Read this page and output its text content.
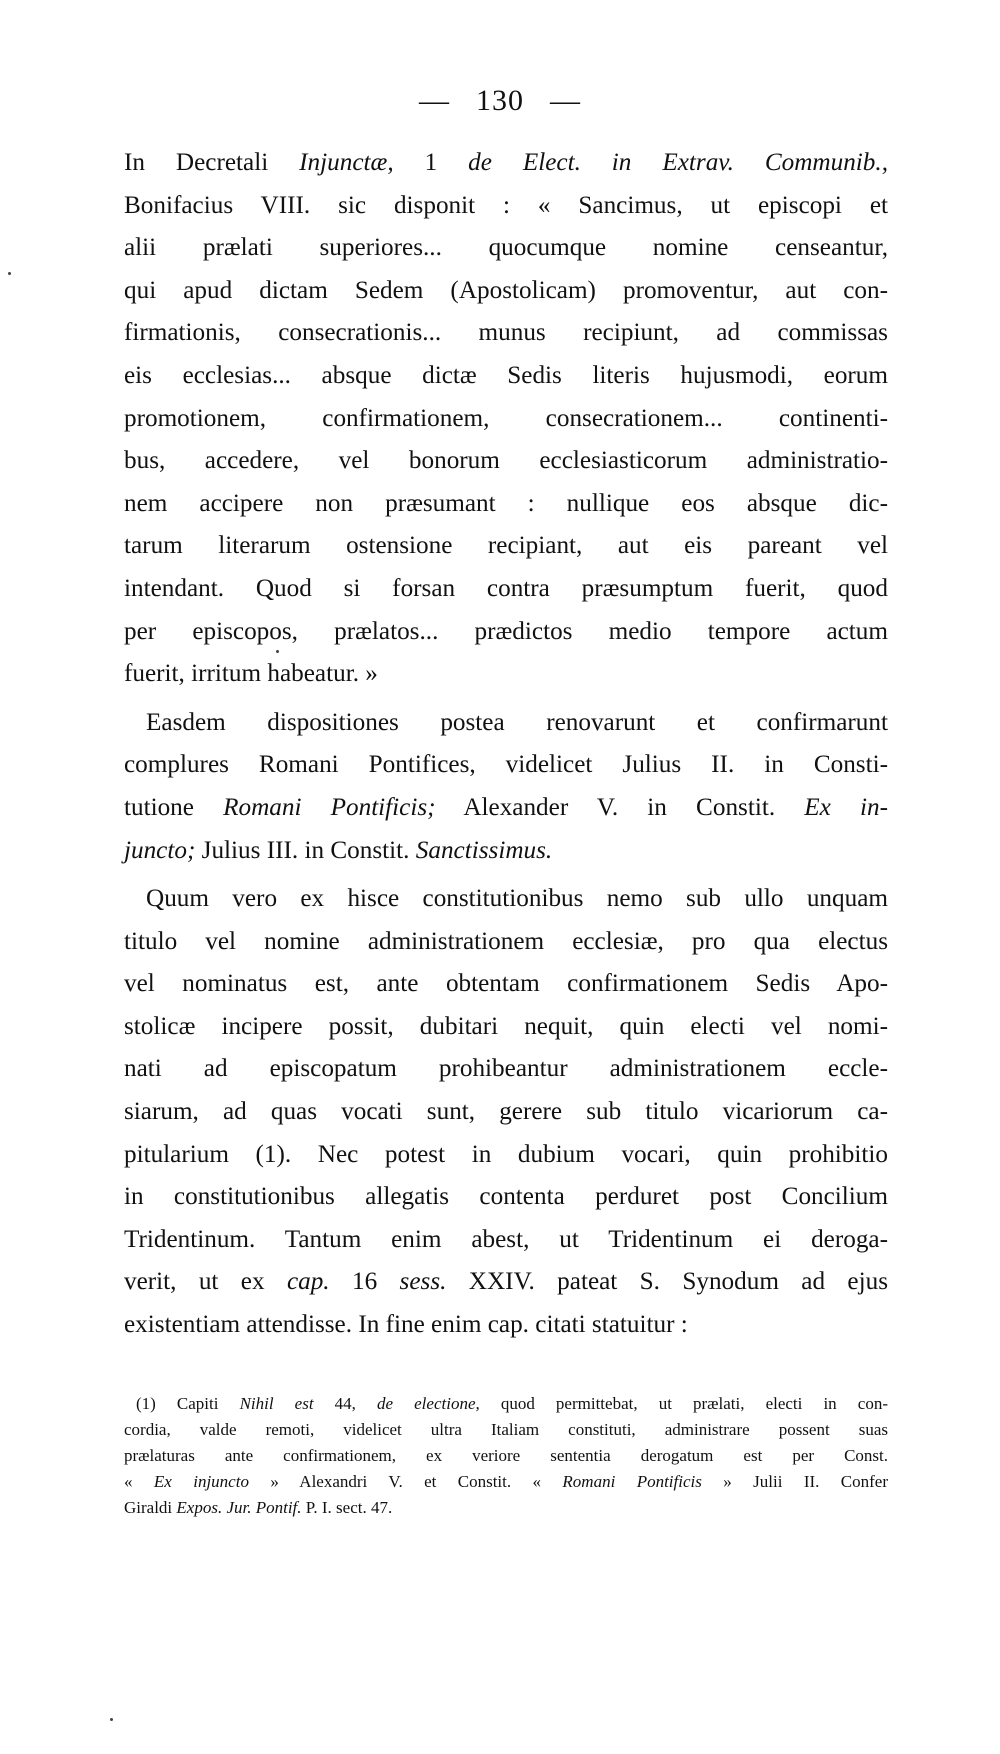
— 130 —
In Decretali Injunctæ, 1 de Elect. in Extrav. Communib.,
Bonifacius VIII. sic disponit : « Sancimus, ut episcopi et
alii prælati superiores... quocumque nomine censeantur,
qui apud dictam Sedem (Apostolicam) promoventur, aut con-
firmationis, consecrationis... munus recipiunt, ad commissas
eis ecclesias... absque dictæ Sedis literis hujusmodi, eorum
promotionem, confirmationem, consecrationem... continenti-
bus, accedere, vel bonorum ecclesiasticorum administratio-
nem accipere non præsumant : nullique eos absque dic-
tarum literarum ostensione recipiant, aut eis pareant vel
intendant. Quod si forsan contra præsumptum fuerit, quod
per episcopos, prælatos... prædictos medio tempore actum
fuerit, irritum habeatur. »
Easdem dispositiones postea renovarunt et confirmarunt
complures Romani Pontifices, videlicet Julius II. in Consti-
tutione Romani Pontificis; Alexander V. in Constit. Ex in-
juncto; Julius III. in Constit. Sanctissimus.
Quum vero ex hisce constitutionibus nemo sub ullo unquam
titulo vel nomine administrationem ecclesiæ, pro qua electus
vel nominatus est, ante obtentam confirmationem Sedis Apo-
stolicæ incipere possit, dubitari nequit, quin electi vel nomi-
nati ad episcopatum prohibeantur administrationem eccle-
siarum, ad quas vocati sunt, gerere sub titulo vicariorum ca-
pitularium (1). Nec potest in dubium vocari, quin prohibitio
in constitutionibus allegatis contenta perduret post Concilium
Tridentinum. Tantum enim abest, ut Tridentinum ei deroga-
verit, ut ex cap. 16 sess. XXIV. pateat S. Synodum ad ejus
existentiam attendisse. In fine enim cap. citati statuitur :
(1) Capiti Nihil est 44, de electione, quod permittebat, ut prælati, electi in con-
cordia, valde remoti, videlicet ultra Italiam constituti, administrare possent suas
prælaturas ante confirmationem, ex veriore sententia derogatum est per Const.
« Ex injuncto » Alexandri V. et Constit. « Romani Pontificis » Julii II. Confer
Giraldi Expos. Jur. Pontif. P. I. sect. 47.
